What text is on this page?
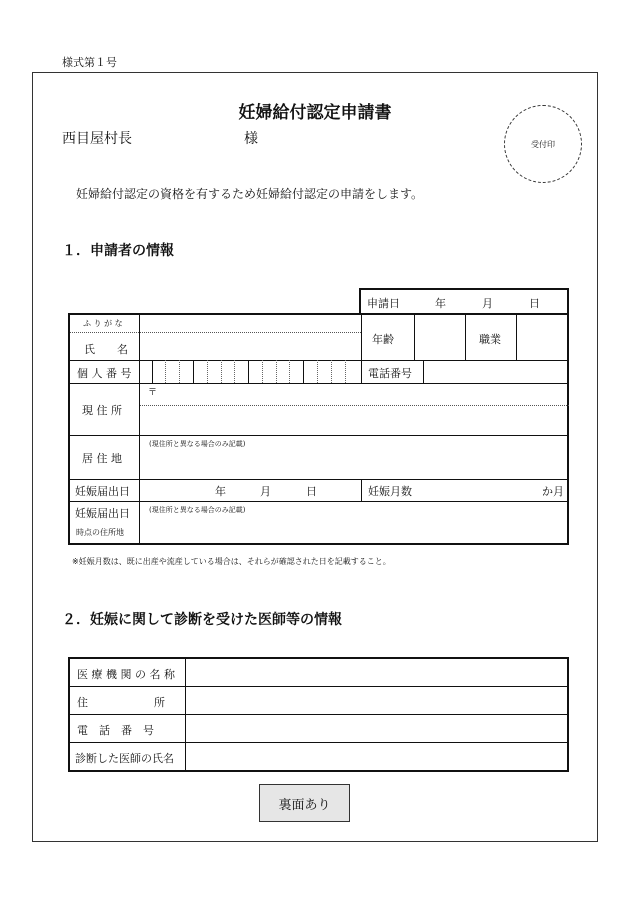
様式第１号
妊婦給付認定申請書
西目屋村長	様	受付印
妊婦給付認定の資格を有するため妊婦給付認定の申請をします。
１．申請者の情報
申請日	年	月	日
ふ り が な
氏　　名
年齢	職業
個 人 番 号	電話番号
〒
現 住 所
(現住所と異なる場合のみ記載)
居 住 地
妊娠届出日	年	月	日	妊娠月数	か月
妊娠届出日
時点の住所地
(現住所と異なる場合のみ記載)
※妊娠月数は、既に出産や流産している場合は、それらが確認された日を記載すること。
２．妊娠に関して診断を受けた医師等の情報
医 療 機 関 の 名 称
住　　　　　　所
電　話　番　号
診断した医師の氏名
裏面あり
